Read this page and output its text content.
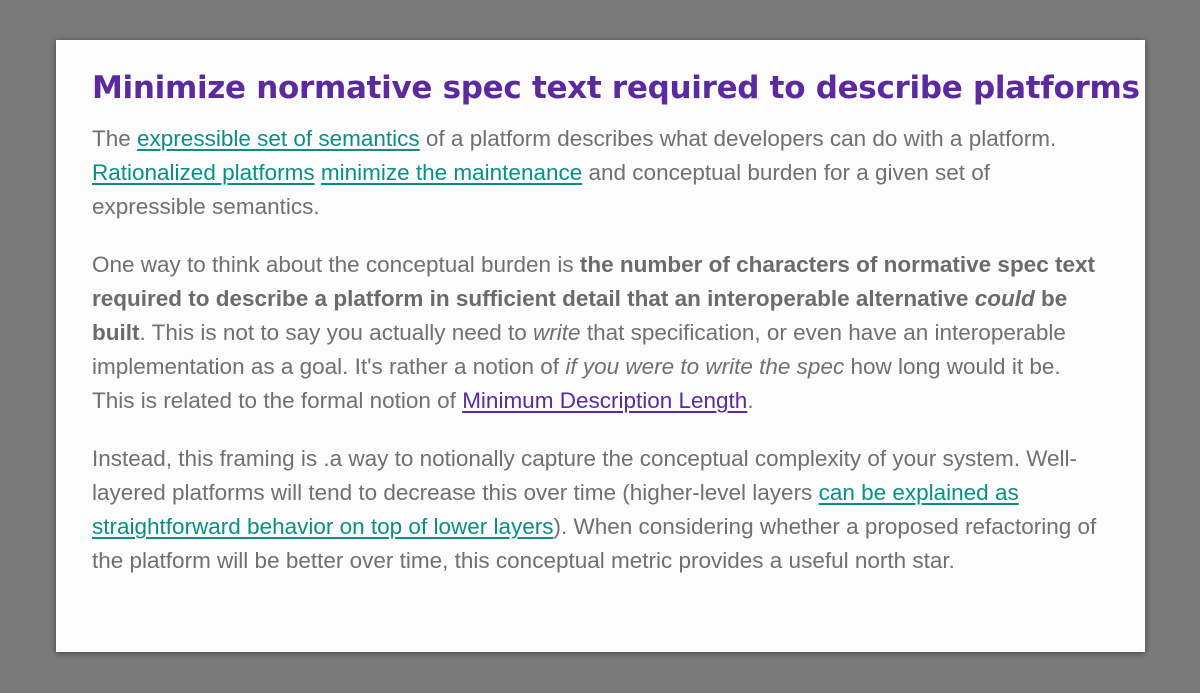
Minimize normative spec text required to describe platforms

The expressible set of semantics of a platform describes what developers can do with a platform. Rationalized platforms minimize the maintenance and conceptual burden for a given set of expressible semantics.

One way to think about the conceptual burden is the number of characters of normative spec text required to describe a platform in sufficient detail that an interoperable alternative could be built. This is not to say you actually need to write that specification, or even have an interoperable implementation as a goal. It's rather a notion of if you were to write the spec how long would it be. This is related to the formal notion of Minimum Description Length.

Instead, this framing is .a way to notionally capture the conceptual complexity of your system. Well-layered platforms will tend to decrease this over time (higher-level layers can be explained as straightforward behavior on top of lower layers). When considering whether a proposed refactoring of the platform will be better over time, this conceptual metric provides a useful north star.
